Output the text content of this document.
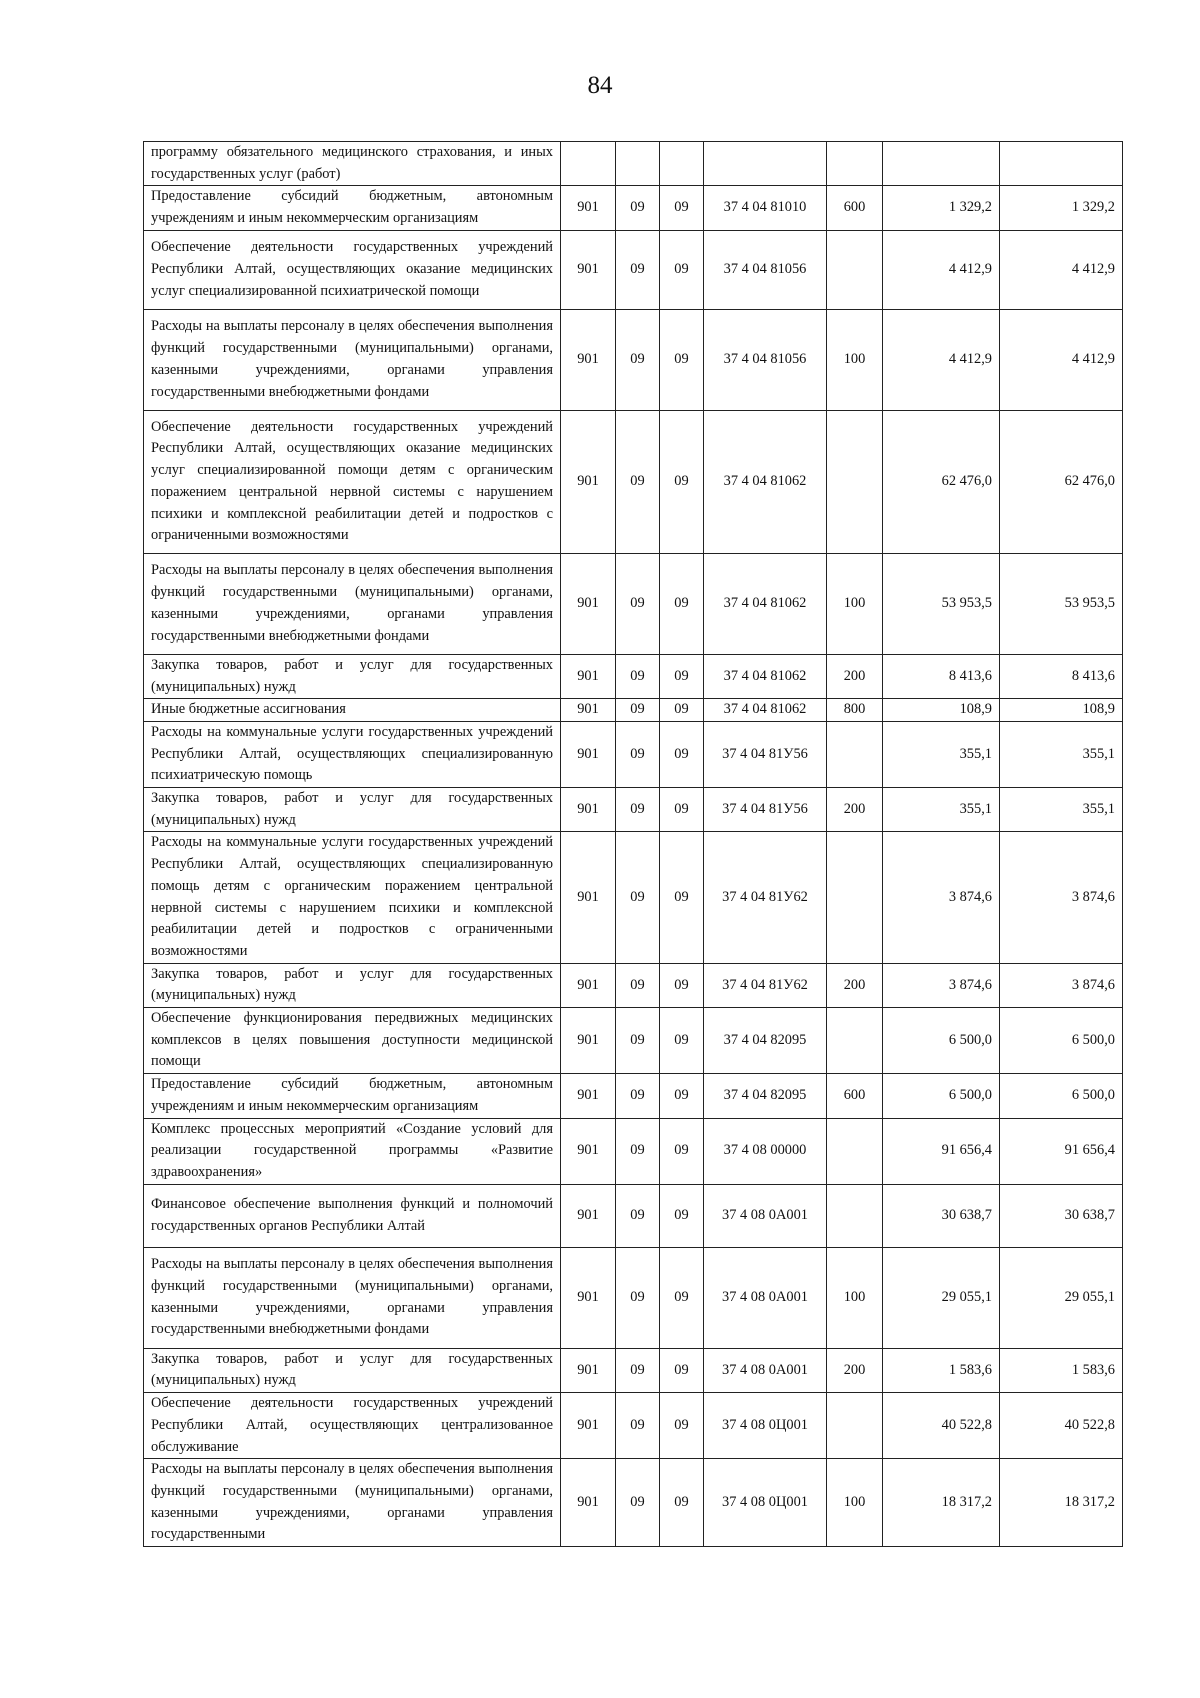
84
программу обязательного медицинского страхования, и иных государственных услуг (работ)							
Предоставление субсидий бюджетным, автономным учреждениям и иным некоммерческим организациям	901	09	09	37 4 04 81010	600	1 329,2	1 329,2
Обеспечение деятельности государственных учреждений Республики Алтай, осуществляющих оказание медицинских услуг специализированной психиатрической помощи	901	09	09	37 4 04 81056		4 412,9	4 412,9
Расходы на выплаты персоналу в целях обеспечения выполнения функций государственными (муниципальными) органами, казенными учреждениями, органами управления государственными внебюджетными фондами	901	09	09	37 4 04 81056	100	4 412,9	4 412,9
Обеспечение деятельности государственных учреждений Республики Алтай, осуществляющих оказание медицинских услуг специализированной помощи детям с органическим поражением центральной нервной системы с нарушением психики и комплексной реабилитации детей и подростков с ограниченными возможностями	901	09	09	37 4 04 81062		62 476,0	62 476,0
Расходы на выплаты персоналу в целях обеспечения выполнения функций государственными (муниципальными) органами, казенными учреждениями, органами управления государственными внебюджетными фондами	901	09	09	37 4 04 81062	100	53 953,5	53 953,5
Закупка товаров, работ и услуг для государственных (муниципальных) нужд	901	09	09	37 4 04 81062	200	8 413,6	8 413,6
Иные бюджетные ассигнования	901	09	09	37 4 04 81062	800	108,9	108,9
Расходы на коммунальные услуги государственных учреждений Республики Алтай, осуществляющих специализированную психиатрическую помощь	901	09	09	37 4 04 81У56		355,1	355,1
Закупка товаров, работ и услуг для государственных (муниципальных) нужд	901	09	09	37 4 04 81У56	200	355,1	355,1
Расходы на коммунальные услуги государственных учреждений Республики Алтай, осуществляющих специализированную помощь детям с органическим поражением центральной нервной системы с нарушением психики и комплексной реабилитации детей и подростков с ограниченными возможностями	901	09	09	37 4 04 81У62		3 874,6	3 874,6
Закупка товаров, работ и услуг для государственных (муниципальных) нужд	901	09	09	37 4 04 81У62	200	3 874,6	3 874,6
Обеспечение функционирования передвижных медицинских комплексов в целях повышения доступности медицинской помощи	901	09	09	37 4 04 82095		6 500,0	6 500,0
Предоставление субсидий бюджетным, автономным учреждениям и иным некоммерческим организациям	901	09	09	37 4 04 82095	600	6 500,0	6 500,0
Комплекс процессных мероприятий «Создание условий для реализации государственной программы «Развитие здравоохранения»	901	09	09	37 4 08 00000		91 656,4	91 656,4
Финансовое обеспечение выполнения функций и полномочий государственных органов Республики Алтай	901	09	09	37 4 08 0А001		30 638,7	30 638,7
Расходы на выплаты персоналу в целях обеспечения выполнения функций государственными (муниципальными) органами, казенными учреждениями, органами управления государственными внебюджетными фондами	901	09	09	37 4 08 0А001	100	29 055,1	29 055,1
Закупка товаров, работ и услуг для государственных (муниципальных) нужд	901	09	09	37 4 08 0А001	200	1 583,6	1 583,6
Обеспечение деятельности государственных учреждений Республики Алтай, осуществляющих централизованное обслуживание	901	09	09	37 4 08 0Ц001		40 522,8	40 522,8
Расходы на выплаты персоналу в целях обеспечения выполнения функций государственными (муниципальными) органами, казенными учреждениями, органами управления государственными	901	09	09	37 4 08 0Ц001	100	18 317,2	18 317,2
